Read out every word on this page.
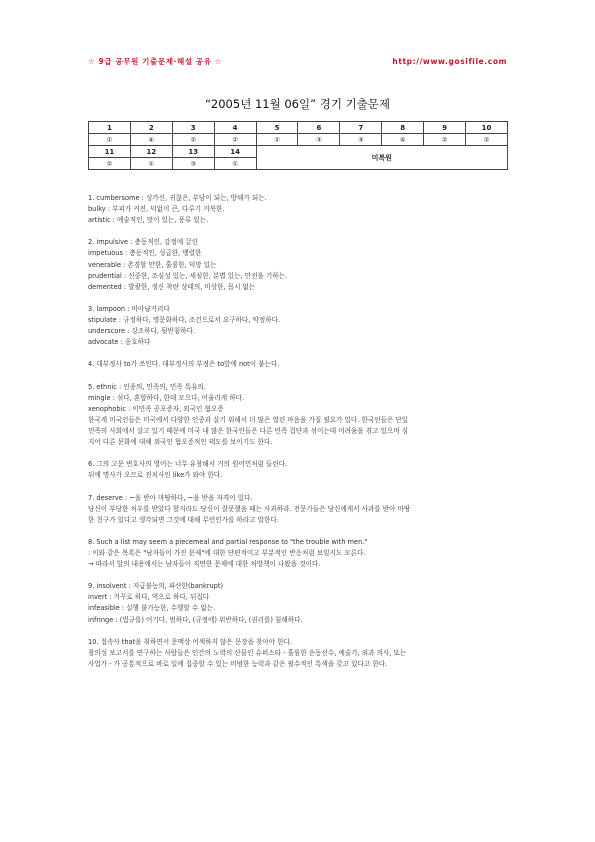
☆ 9급 공무원 기출문제·해설 공유 ☆	http://www.gosifile.com
“2005년 11월 06일” 경기 기출문제
1	2	3	4	5	6	7	8	9	10
①	④	②	②	②	③	③	④	②	②
11	12	13	14	미복원					
②	①	③	①						
1. cumbersome : 성가신, 귀찮은, 부담이 되는, 방해가 되는.
bulky : 부피가 커진, 덕없이 큰, 다루기 거북한.
artistic : 예술적인, 멋이 있는, 풍류 있는.
2. impulsive : 충동적인, 감정에 끌린
impetuous : 충동적인, 성급한, 맹렬한
venerable : 존경할 만한, 훌륭한, 덕망 있는
prudential : 신중한, 조심성 있는, 세심한, 분별 있는, 만전을 기하는.
demented : 발광한, 정신 착란 상태의, 미상한, 몹시 없는
3. lampoon : 비아냥거리다
stipulate : 규정하다, 명문화하다, 조건으로서 요구하다, 약정하다.
underscore : 강조하다, 뒷받침하다.
advocate : 옹호하다
4. 대부정사 to가 쓰인다. 대부정사의 부정은 to앞에 not이 붙는다.
5. ethnic : 인종의, 민족의, 민족 특유의.
mingle : 섞다, 혼합하다, 한데 모으다, 어울리게 하다.
xenophobic : 이민족 공포증자, 외국인 혐오증
한국계 미국인들은 미국에서 다양한 인종과 살기 위해서 더 많은 열린 마음을 가질 필요가 있다. 한국인들은 단일
민족의 사회에서 살고 있기 때문에 미국 내 많은 한국인들은 다른 민족 집단과 섞이는데 어려움을 겪고 있으며 심
지어 다른 문화에 대해 외국인 혐오증적인 태도를 보이기도 한다.
6. 그의 고문 변호사의 영어는 너무 유창해서 거의 원어민처럼 들린다.
뒤에 명사가 오므로 전치사인 like가 와야 한다.
7. deserve : ~을 받아 마땅하다, ~을 받을 자격이 있다.
당신이 부당한 처우를 받았다 할지라도 당신이 잘못했을 때는 사과하라. 전문가들은 당신에게서 사과를 받아 마땅
한 친구가 있다고 생각되면 그것에 대해 무언인가를 하라고 말한다.
8. Such a list may seem a piecemeal and partial response to "the trouble with men."
: 이와 같은 목록은 "남자들이 가진 문제"에 대한 단편적이고 부분적인 반응처럼 보일지도 모른다.
→ 따라서 앞의 내용에서는 남자들이 직면한 문제에 대한 처방책이 나왔을 것이다.
9. insolvent : 지급불능의, 파산한(bankrupt)
invert : 거꾸로 하다, 역으로 하다, 뒤집다
infeasible : 실행 불가능한, 수행할 수 없는.
infringe : (법규를) 어기다, 범하다, (규정에) 위반하다, (권리를) 침해하다.
10. 접속사 that을 취하면서 문맥상 어색하지 않은 문장을 찾아야 한다.
창의성 보고서를 연구하는 사람들은 인간의 노력의 산물인 슈퍼스타 - 훌륭한 운동선수, 예술가, 외과 의사, 또는
사업가 - 가 공통적으로 바로 일에 집중할 수 있는 비범한 능력과 같은 필수적인 특색을 갖고 있다고 한다.
